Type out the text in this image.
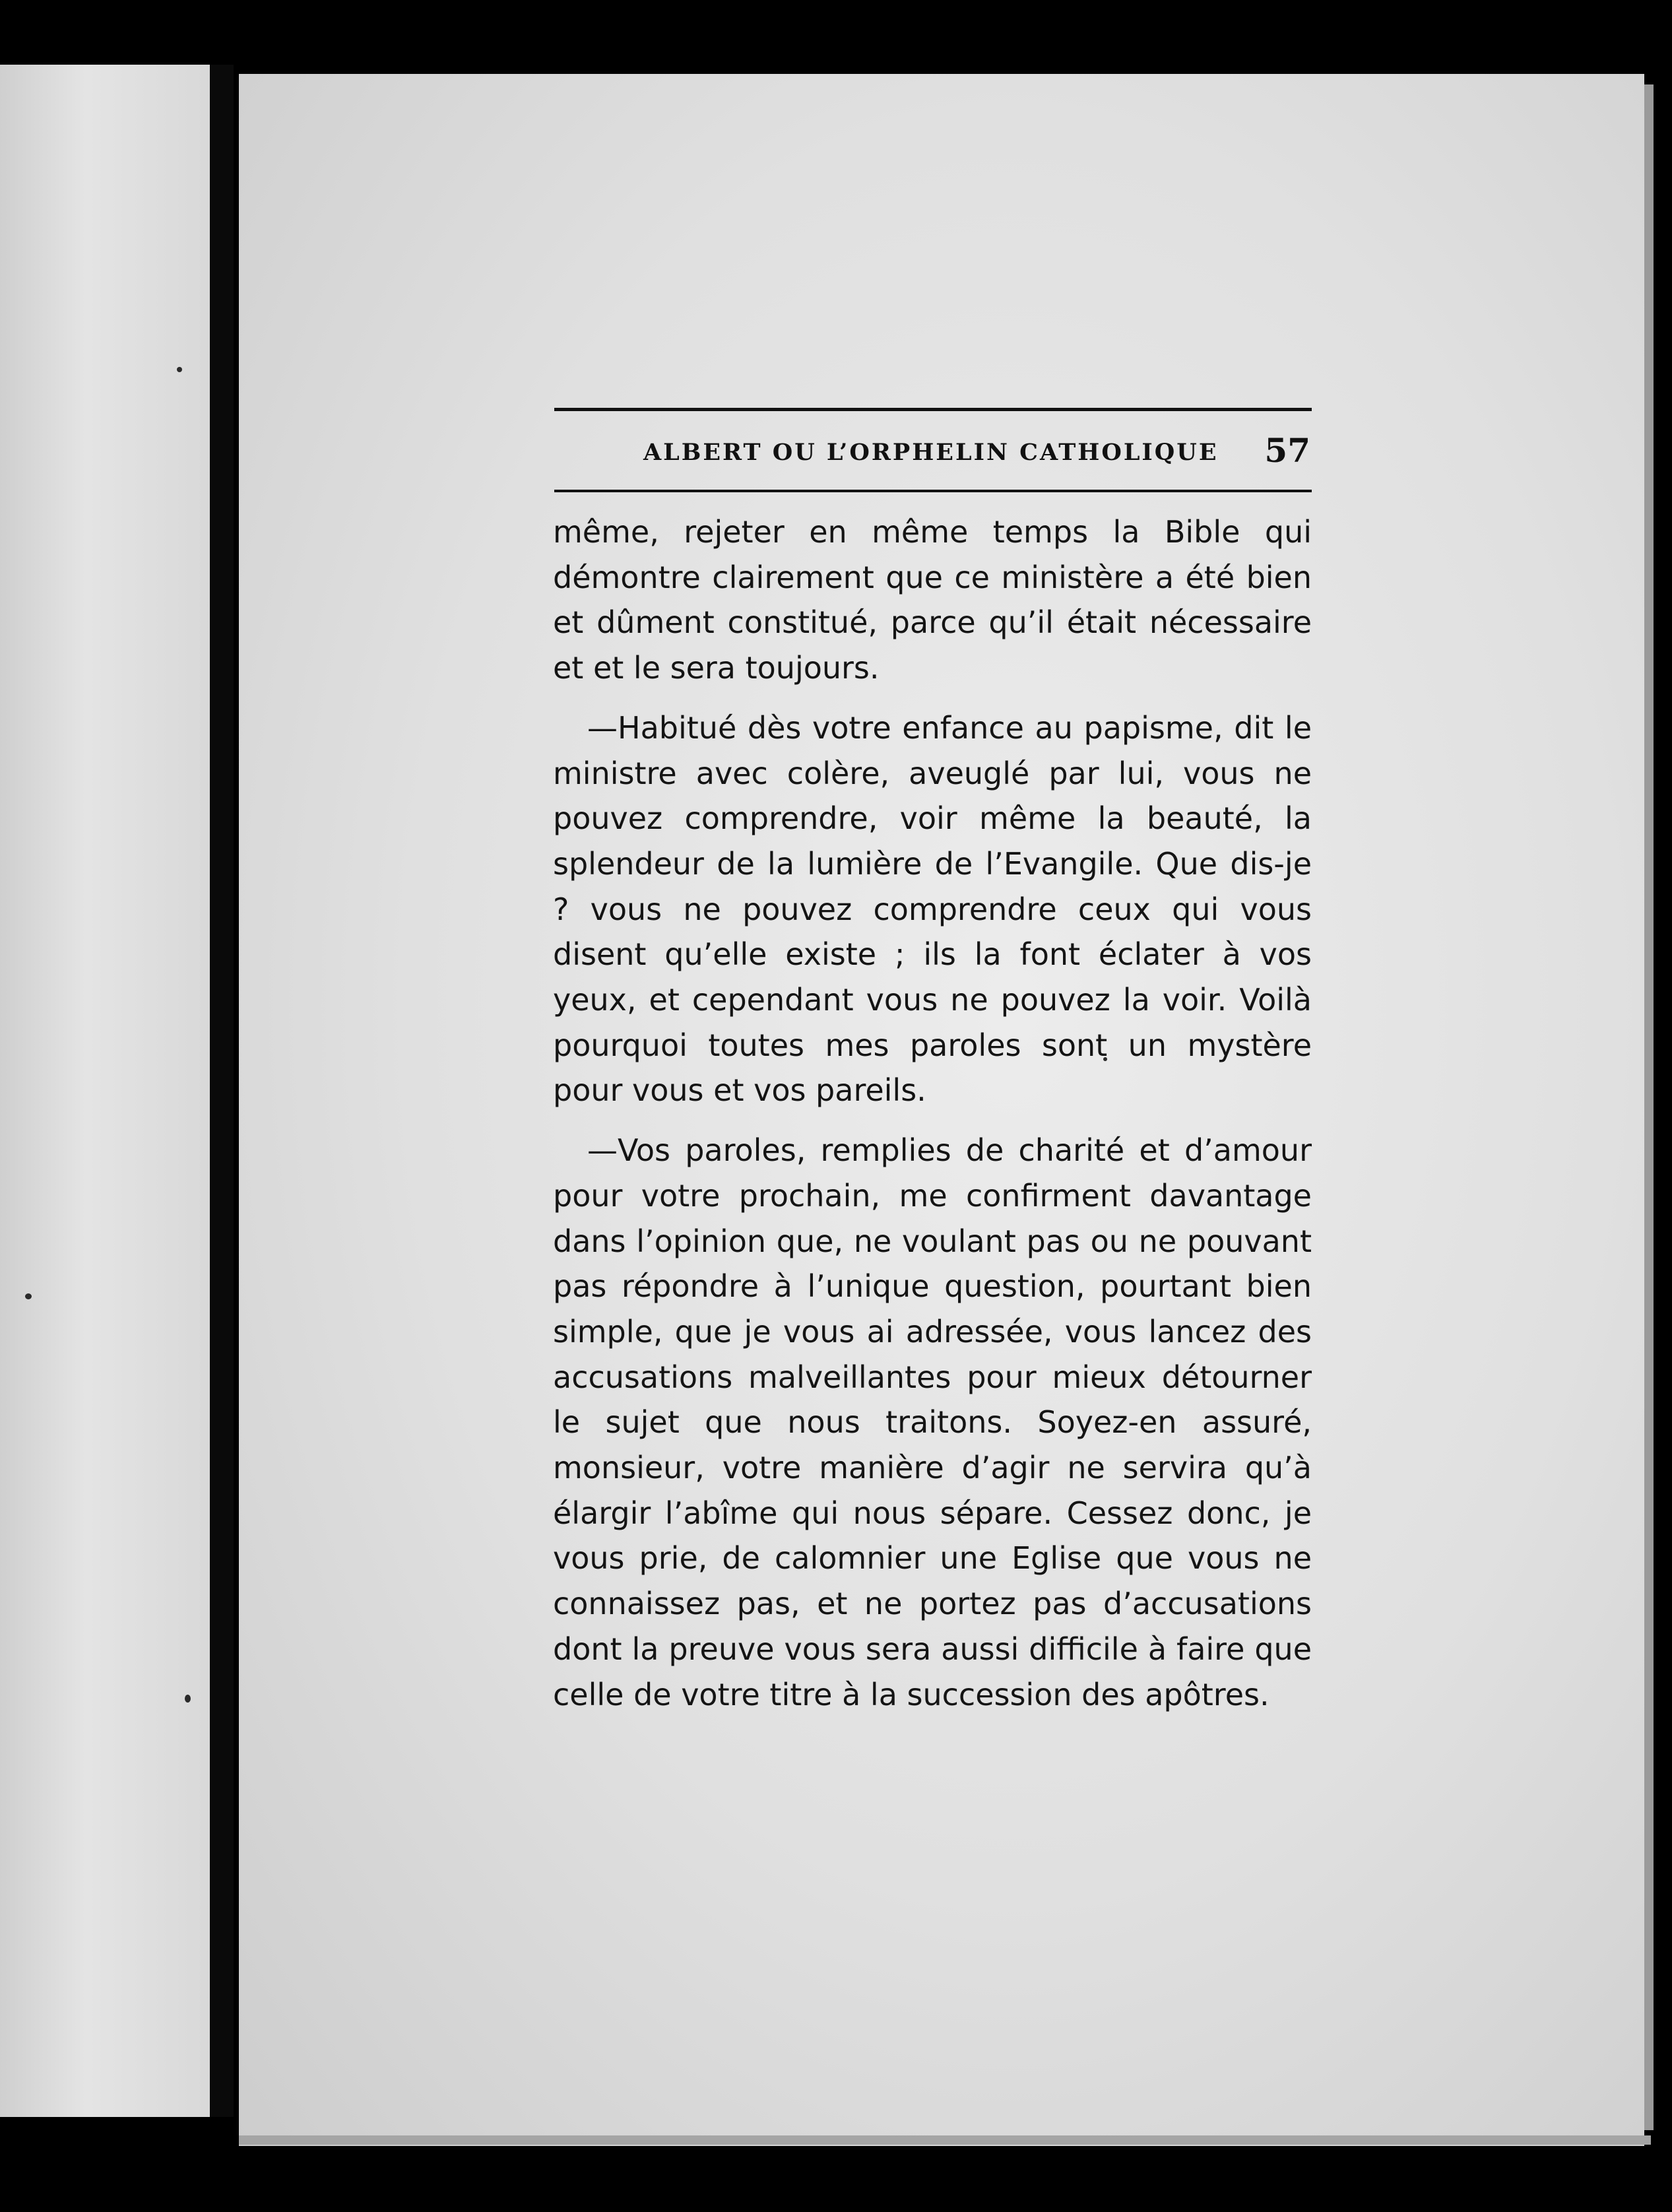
ALBERT OU L’ORPHELIN CATHOLIQUE 57

même, rejeter en même temps la Bible qui démontre clairement que ce ministère a été bien et dûment constitué, parce qu’il était nécessaire et et le sera toujours.

—Habitué dès votre enfance au papisme, dit le ministre avec colère, aveuglé par lui, vous ne pouvez comprendre, voir même la beauté, la splendeur de la lumière de l’Evangile. Que dis-je ? vous ne pouvez comprendre ceux qui vous disent qu’elle existe ; ils la font éclater à vos yeux, et cependant vous ne pouvez la voir. Voilà pourquoi toutes mes paroles sont un mystère pour vous et vos pareils.

—Vos paroles, remplies de charité et d’amour pour votre prochain, me confirment davantage dans l’opinion que, ne voulant pas ou ne pouvant pas répondre à l’unique question, pourtant bien simple, que je vous ai adressée, vous lancez des accusations malveillantes pour mieux détourner le sujet que nous traitons. Soyez-en assuré, monsieur, votre manière d’agir ne servira qu’à élargir l’abîme qui nous sépare. Cessez donc, je vous prie, de calomnier une Eglise que vous ne connaissez pas, et ne portez pas d’accusations dont la preuve vous sera aussi difficile à faire que celle de votre titre à la succession des apôtres.
